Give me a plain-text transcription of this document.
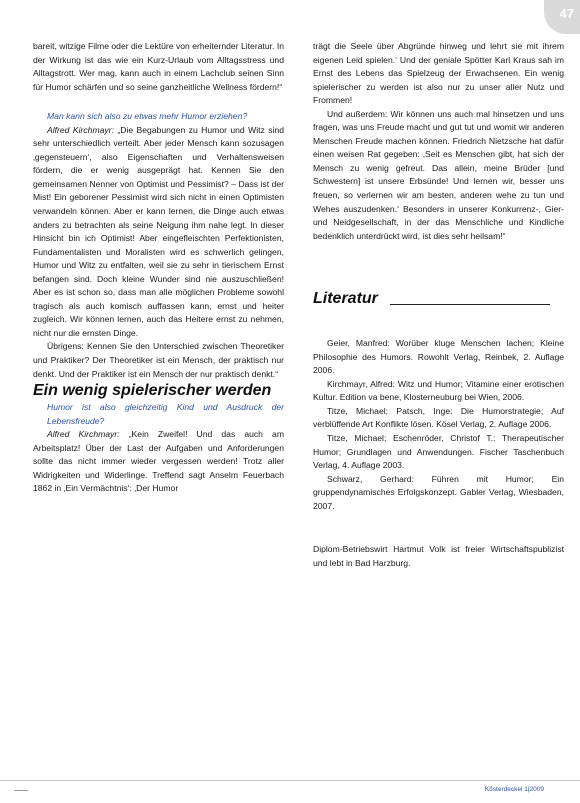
47

bareit, witzige Filme oder die Lektüre von erheiternder Literatur. In der Wirkung ist das wie ein Kurz-Urlaub vom Alltagsstress und Alltagstrott. Wer mag, kann auch in einem Lachclub seinen Sinn für Humor schärfen und so seine ganzheitliche Wellness fördern!“

Man kann sich also zu etwas mehr Humor erziehen?

Alfred Kirchmayr: „Die Begabungen zu Humor und Witz sind sehr unterschiedlich verteilt. Aber jeder Mensch kann sozusagen ‚gegensteuern‘, also Eigenschaften und Verhaltensweisen fördern, die er wenig ausgeprägt hat. Kennen Sie den gemeinsamen Nenner von Optimist und Pessimist? – Dass ist der Mist! Ein geborener Pessimist wird sich nicht in einen Optimisten verwandeln können. Aber er kann lernen, die Dinge auch etwas anders zu betrachten als seine Neigung ihm nahe legt. In dieser Hinsicht bin ich Optimist! Aber eingefleischten Perfektionisten, Fundamentalisten und Moralisten wird es schwerlich gelingen, Humor und Witz zu entfalten, weil sie zu sehr in tierischem Ernst befangen sind. Doch kleine Wunder sind nie auszuschließen! Aber es ist schon so, dass man alle möglichen Probleme sowohl tragisch als auch komisch auffassen kann, ernst und heiter zugleich. Wir können lernen, auch das Heitere ernst zu nehmen, nicht nur die ernsten Dinge.

Übrigens: Kennen Sie den Unterschied zwischen Theoretiker und Praktiker? Der Theoretiker ist ein Mensch, der praktisch nur denkt. Und der Praktiker ist ein Mensch der nur praktisch denkt.“

Ein wenig spielerischer werden

Humor ist also gleichzeitig Kind und Ausdruck der Lebensfreude?

Alfred Kirchmayr: „Kein Zweifel! Und das auch am Arbeitsplatz! Über der Last der Aufgaben und Anforderungen sollte das nicht immer wieder vergessen werden! Trotz aller Widrigkeiten und Widerlinge. Treffend sagt Anselm Feuerbach 1862 in ‚Ein Vermächtnis‘: ‚Der Humor

trägt die Seele über Abgründe hinweg und lehrt sie mit ihrem eigenen Leid spielen.‘ Und der geniale Spötter Karl Kraus sah im Ernst des Lebens das Spielzeug der Erwachsenen. Ein wenig spielerischer zu werden ist also nur zu unser aller Nutz und Frommen!

Und außerdem: Wir können uns auch mal hinsetzen und uns fragen, was uns Freude macht und gut tut und womit wir anderen Menschen Freude machen können. Friedrich Nietzsche hat dafür einen weisen Rat gegeben: ‚Seit es Menschen gibt, hat sich der Mensch zu wenig gefreut. Das allein, meine Brüder [und Schwestern] ist unsere Erbsünde! Und lernen wir, besser uns freuen, so verlernen wir am besten, anderen wehe zu tun und Wehes auszudenken.‘ Besonders in unserer Konkurrenz-, Gier- und Neidgesellschaft, in der das Menschliche und Kindliche bedenklich unterdrückt wird, ist dies sehr heilsam!“

Literatur

Geier, Manfred: Worüber kluge Menschen lachen; Kleine Philosophie des Humors. Rowohlt Verlag, Reinbek, 2. Auflage 2006.

Kirchmayr, Alfred: Witz und Humor; Vitamine einer erotischen Kultur. Edition va bene, Klosterneuburg bei Wien, 2006.

Titze, Michael; Patsch, Inge: Die Humorstrategie; Auf verblüffende Art Konflikte lösen. Kösel Verlag, 2. Auflage 2006.

Titze, Michael; Eschenröder, Christof T.: Therapeutischer Humor; Grundlagen und Anwendungen. Fischer Taschenbuch Verlag, 4. Auflage 2003.

Schwarz, Gerhard: Führen mit Humor; Ein gruppendynamisches Erfolgskonzept. Gabler Verlag, Wiesbaden, 2007.

Diplom-Betriebswirt Hartmut Volk ist freier Wirtschaftspublizist und lebt in Bad Harzburg.

Kösterdeckel 1|2009
